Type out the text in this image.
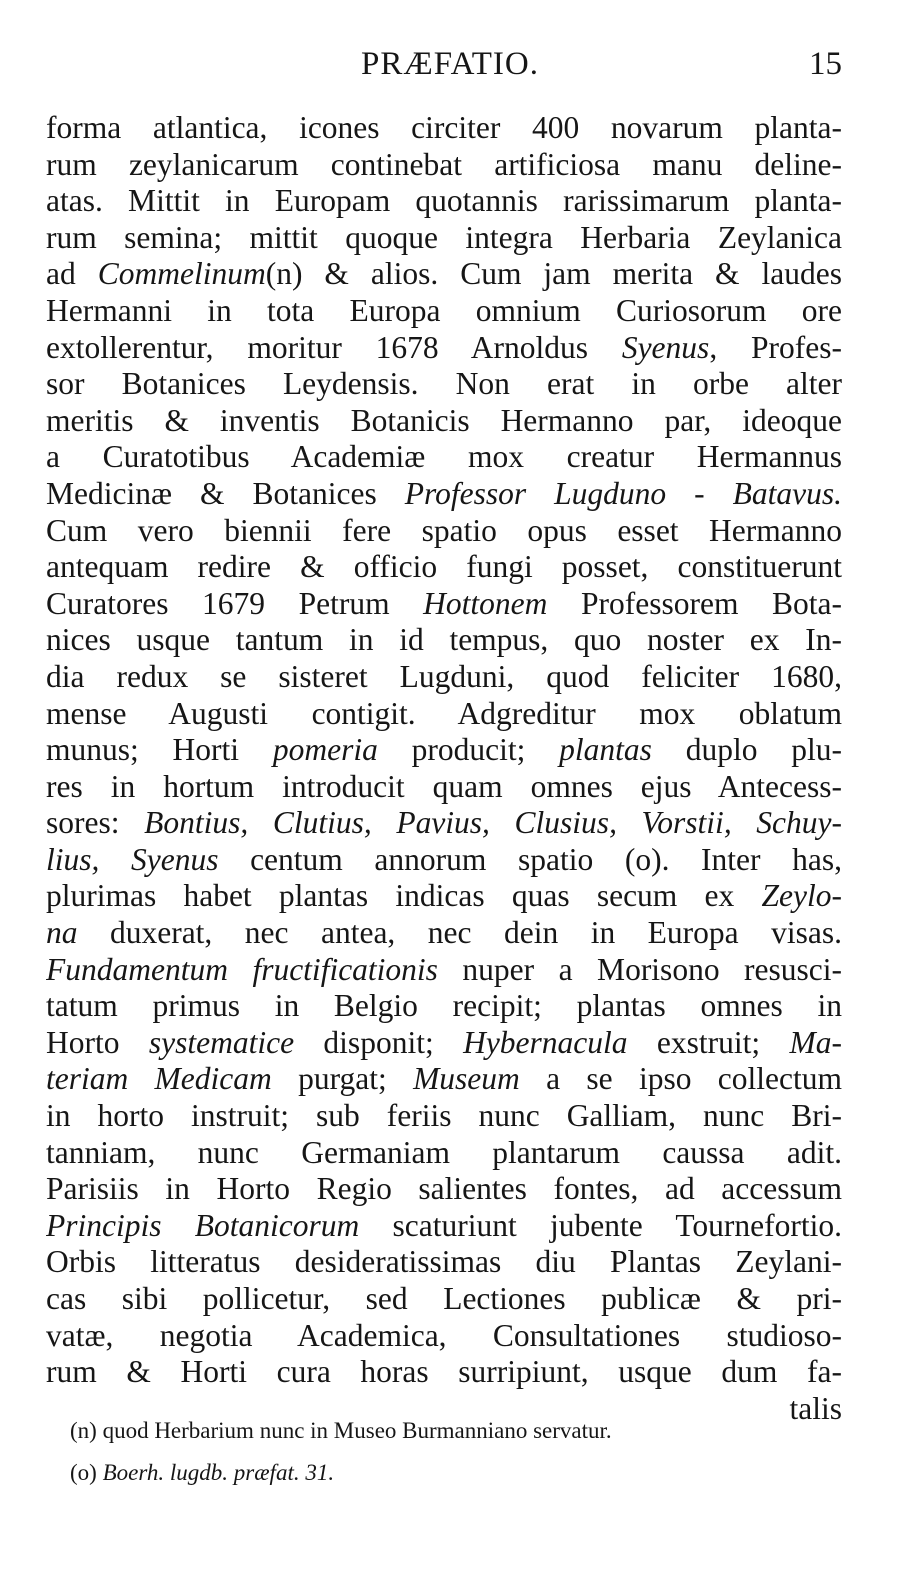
PRÆFATIO.	15
forma atlantica, icones circiter 400 novarum planta-
rum zeylanicarum continebat artificiosa manu deline-
atas. Mittit in Europam quotannis rarissimarum planta-
rum semina; mittit quoque integra Herbaria Zeylanica
ad Commelinum(n) & alios. Cum jam merita & laudes
Hermanni in tota Europa omnium Curiosorum ore
extollerentur, moritur 1678 Arnoldus Syenus, Profes-
sor Botanices Leydensis. Non erat in orbe alter
meritis & inventis Botanicis Hermanno par, ideoque
a Curatotibus Academiæ mox creatur Hermannus
Medicinæ & Botanices Professor Lugduno - Batavus.
Cum vero biennii fere spatio opus esset Hermanno
antequam redire & officio fungi posset, constituerunt
Curatores 1679 Petrum Hottonem Professorem Bota-
nices usque tantum in id tempus, quo noster ex In-
dia redux se sisteret Lugduni, quod feliciter 1680,
mense Augusti contigit. Adgreditur mox oblatum
munus; Horti pomeria producit; plantas duplo plu-
res in hortum introducit quam omnes ejus Antecess-
sores: Bontius, Clutius, Pavius, Clusius, Vorstii, Schuy-
lius, Syenus centum annorum spatio (o). Inter has,
plurimas habet plantas indicas quas secum ex Zeylo-
na duxerat, nec antea, nec dein in Europa visas.
Fundamentum fructificationis nuper a Morisono resusci-
tatum primus in Belgio recipit; plantas omnes in
Horto systematice disponit; Hybernacula exstruit; Ma-
teriam Medicam purgat; Museum a se ipso collectum
in horto instruit; sub feriis nunc Galliam, nunc Bri-
tanniam, nunc Germaniam plantarum caussa adit.
Parisiis in Horto Regio salientes fontes, ad accessum
Principis Botanicorum scaturiunt jubente Tournefortio.
Orbis litteratus desideratissimas diu Plantas Zeylani-
cas sibi pollicetur, sed Lectiones publicæ & pri-
vatæ, negotia Academica, Consultationes studioso-
rum & Horti cura horas surripiunt, usque dum fa-
talis
(n) quod Herbarium nunc in Museo Burmanniano servatur.
(o) Boerh. lugdb. præfat. 31.
